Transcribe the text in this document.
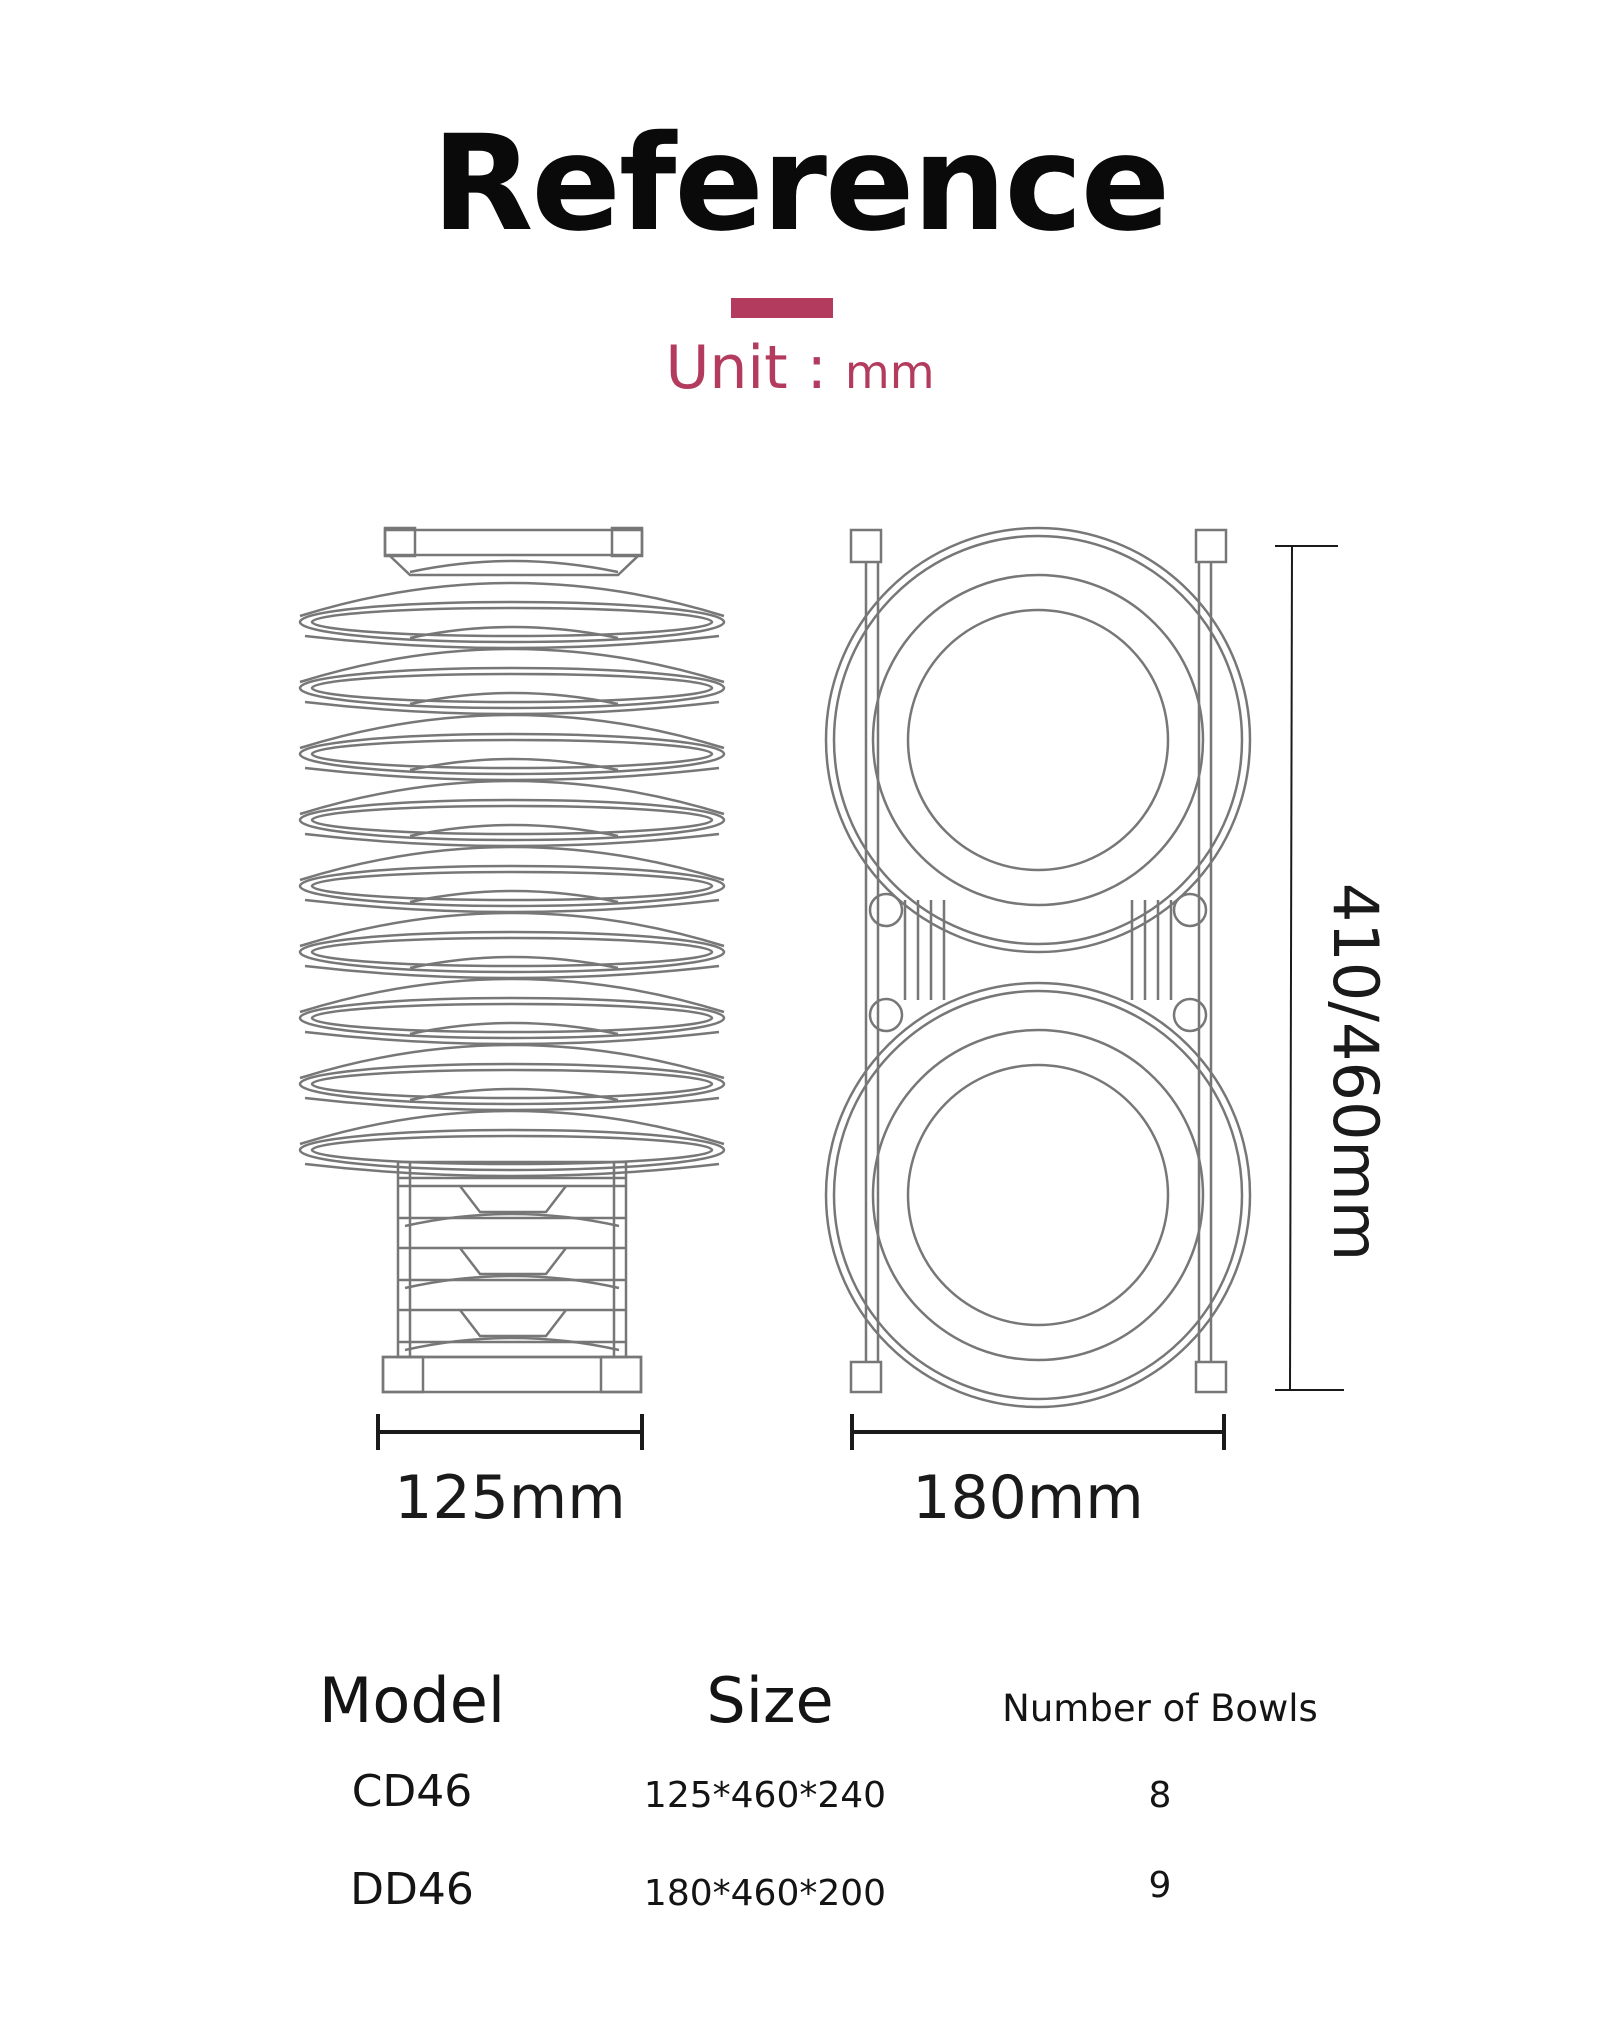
Reference
Unit : mm
125mm	180mm
410/460mm
Model	Size	Number of Bowls
CD46	125*460*240	8
DD46	180*460*200	9
